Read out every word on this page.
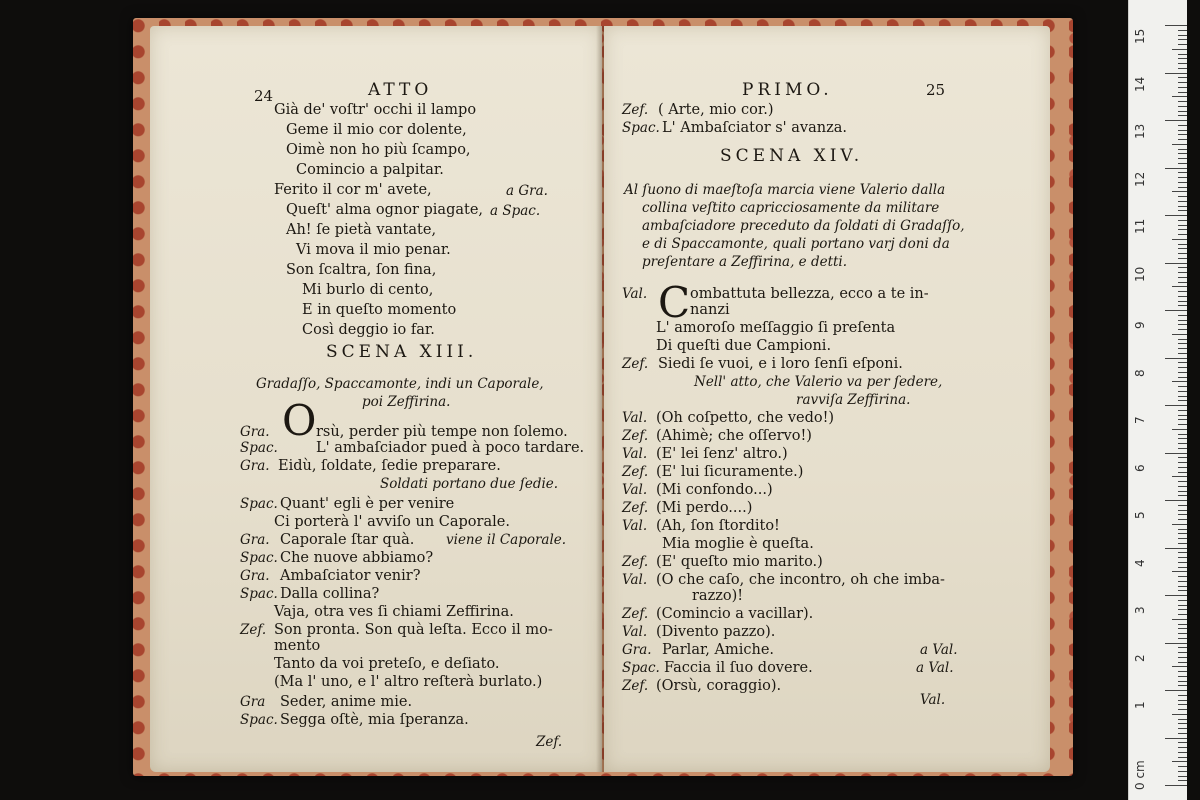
24	ATTO
Già de' voſtr' occhi il lampo
Geme il mio cor dolente,
Oimè non ho più ſcampo,
Comincio a palpitar.
Ferito il cor m' avete,	a Gra.
Queſt' alma ognor piagate, a Spac.
Ah! ſe pietà vantate,
Vi mova il mio penar.
Son ſcaltra, ſon fina,
Mi burlo di cento,
E in queſto momento
Così deggio io far.
SCENA XIII.
Gradaſſo, Spaccamonte, indi un Caporale,
poi Zeffirina.
O
Gra.	rsù, perder più tempe non ſolemo.
Spac.	L' ambaſciador pued à poco tardare.
Gra. Eidù, ſoldate, ſedie preparare.
Soldati portano due ſedie.
Spac. Quant' egli è per venire
Ci porterà l' avviſo un Caporale.
Gra. Caporale ſtar quà. viene il Caporale.
Spac. Che nuove abbiamo?
Gra. Ambaſciator venir?
Spac. Dalla collina?
Vaja, otra ves ſi chiami Zeffirina.
Zef. Son pronta. Son quà leſta. Ecco il mo-
mento
Tanto da voi preteſo, e deſiato.
(Ma l' uno, e l' altro reſterà burlato.)
Gra Seder, anime mie.
Spac. Segga oſtè, mia ſperanza.
Zef.
PRIMO.	25
Zef. ( Arte, mio cor.)
Spac. L' Ambaſciator s' avanza.
SCENA XIV.
Al ſuono di maeſtoſa marcia viene Valerio dalla
collina veſtito capricciosamente da militare
ambaſciadore preceduto da ſoldati di Gradaſſo,
e di Spaccamonte, quali portano varj doni da
preſentare a Zeffirina, e detti.
C
Val.	ombattuta bellezza, ecco a te in-
nanzi
L' amoroſo meſſaggio ſi preſenta
Di queſti due Campioni.
Zef. Siedi ſe vuoi, e i loro ſenſi eſponi.
Nell' atto, che Valerio va per ſedere,
ravviſa Zeffirina.
Val. (Oh coſpetto, che vedo!)
Zef. (Ahimè; che oſſervo!)
Val. (E' lei ſenz' altro.)
Zef. (E' lui ſicuramente.)
Val. (Mi confondo...)
Zef. (Mi perdo....)
Val. (Ah, ſon ſtordito!
Mia moglie è queſta.
Zef. (E' queſto mio marito.)
Val. (O che caſo, che incontro, oh che imba-
razzo)!
Zef. (Comincio a vacillar).
Val. (Divento pazzo).
Gra. Parlar, Amiche.	a Val.
Spac. Faccia il ſuo dovere.	a Val.
Zef. (Orsù, coraggio).
Val.
15
14
13
12
11
10
9
8
7
6
5
4
3
2
1
0 cm
